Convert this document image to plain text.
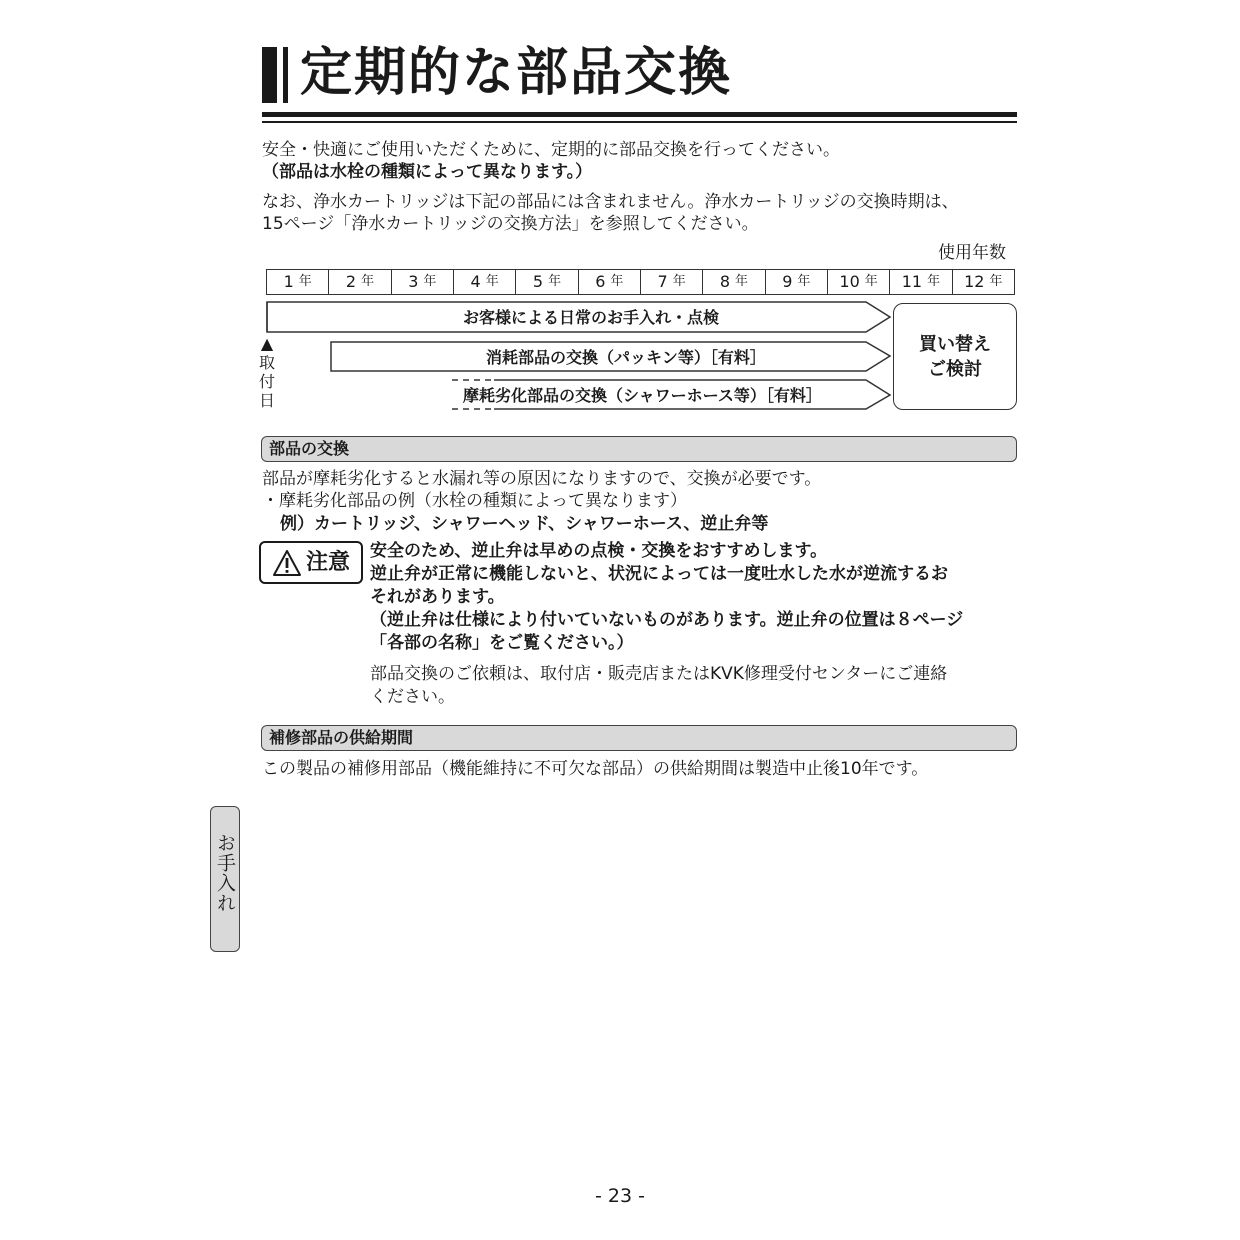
定期的な部品交換
安全・快適にご使用いただくために、定期的に部品交換を行ってください。
（部品は水栓の種類によって異なります。）
なお、浄水カートリッジは下記の部品には含まれません。浄水カートリッジの交換時期は、
15ページ「浄水カートリッジの交換方法」を参照してください。
使用年数
1 年 2 年 3 年 4 年 5 年 6 年 7 年 8 年 9 年 10 年 11 年 12 年
お客様による日常のお手入れ・点検
消耗部品の交換（パッキン等）［有料］
摩耗劣化部品の交換（シャワーホース等）［有料］
買い替え
ご検討
▲
取
付
日
部品の交換
部品が摩耗劣化すると水漏れ等の原因になりますので、交換が必要です。
・摩耗劣化部品の例（水栓の種類によって異なります）
例）カートリッジ、シャワーヘッド、シャワーホース、逆止弁等
注意 安全のため、逆止弁は早めの点検・交換をおすすめします。
逆止弁が正常に機能しないと、状況によっては一度吐水した水が逆流するお
それがあります。
（逆止弁は仕様により付いていないものがあります。逆止弁の位置は８ページ
「各部の名称」をご覧ください。）
部品交換のご依頼は、取付店・販売店またはKVK修理受付センターにご連絡
ください。
補修部品の供給期間
この製品の補修用部品（機能維持に不可欠な部品）の供給期間は製造中止後10年です。
お手入れ
- 23 -
